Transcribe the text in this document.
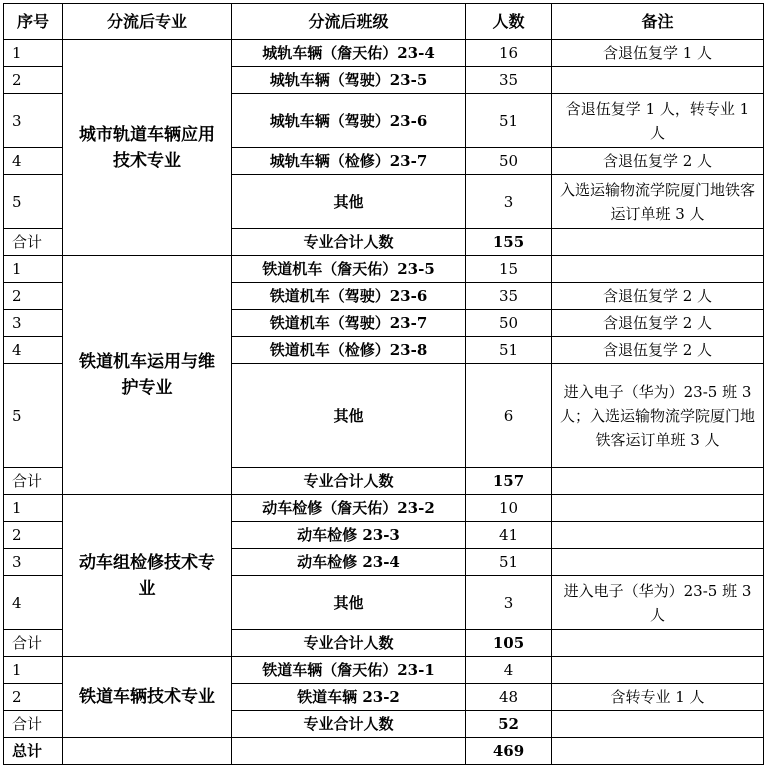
序号	分流后专业	分流后班级	人数	备注
1	城市轨道车辆应用技术专业	城轨车辆（詹天佑）23-4	16	含退伍复学 1 人
2		城轨车辆（驾驶）23-5	35	
3		城轨车辆（驾驶）23-6	51	含退伍复学 1 人，转专业 1 人
4		城轨车辆（检修）23-7	50	含退伍复学 2 人
5		其他	3	入选运输物流学院厦门地铁客运订单班 3 人
合计		专业合计人数	155	
1	铁道机车运用与维护专业	铁道机车（詹天佑）23-5	15	
2		铁道机车（驾驶）23-6	35	含退伍复学 2 人
3		铁道机车（驾驶）23-7	50	含退伍复学 2 人
4		铁道机车（检修）23-8	51	含退伍复学 2 人
5		其他	6	进入电子（华为）23-5 班 3 人；入选运输物流学院厦门地铁客运订单班 3 人
合计		专业合计人数	157	
1	动车组检修技术专业	动车检修（詹天佑）23-2	10	
2		动车检修 23-3	41	
3		动车检修 23-4	51	
4		其他	3	进入电子（华为）23-5 班 3 人
合计		专业合计人数	105	
1	铁道车辆技术专业	铁道车辆（詹天佑）23-1	4	
2		铁道车辆 23-2	48	含转专业 1 人
合计		专业合计人数	52	
总计			469	
